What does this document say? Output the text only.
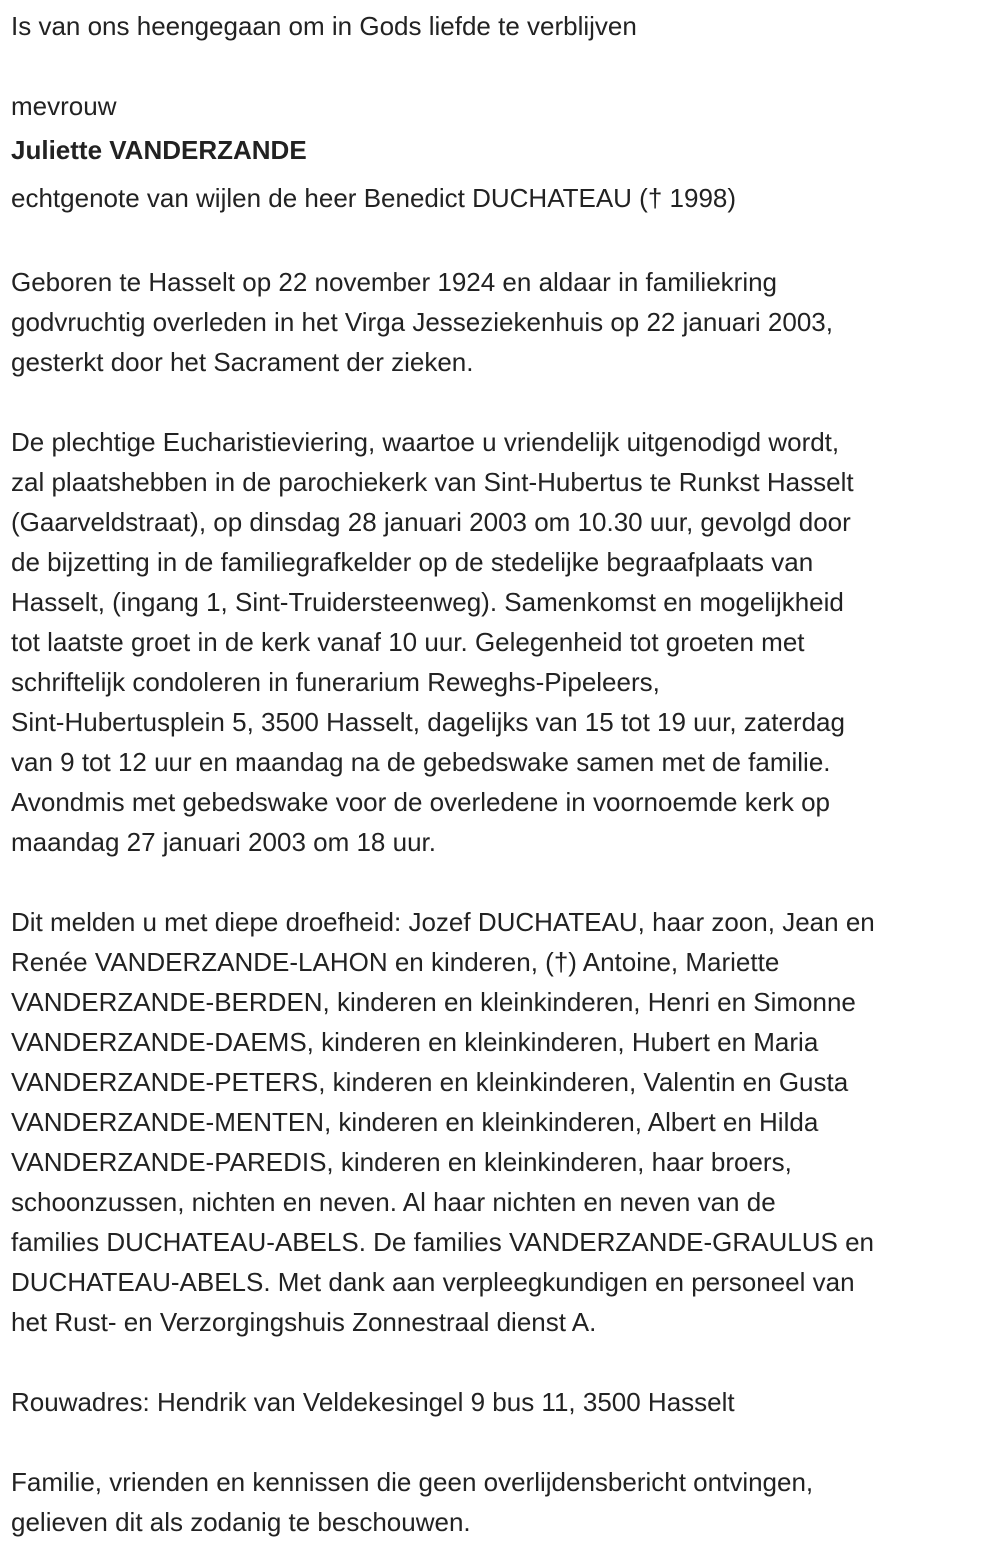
Is van ons heengegaan om in Gods liefde te verblijven
mevrouw
Juliette VANDERZANDE
echtgenote van wijlen de heer Benedict DUCHATEAU († 1998)
Geboren te Hasselt op 22 november 1924 en aldaar in familiekring
godvruchtig overleden in het Virga Jesseziekenhuis op 22 januari 2003,
gesterkt door het Sacrament der zieken.
De plechtige Eucharistieviering, waartoe u vriendelijk uitgenodigd wordt,
zal plaatshebben in de parochiekerk van Sint-Hubertus te Runkst Hasselt
(Gaarveldstraat), op dinsdag 28 januari 2003 om 10.30 uur, gevolgd door
de bijzetting in de familiegrafkelder op de stedelijke begraafplaats van
Hasselt, (ingang 1, Sint-Truidersteenweg). Samenkomst en mogelijkheid
tot laatste groet in de kerk vanaf 10 uur. Gelegenheid tot groeten met
schriftelijk condoleren in funerarium Reweghs-Pipeleers,
Sint-Hubertusplein 5, 3500 Hasselt, dagelijks van 15 tot 19 uur, zaterdag
van 9 tot 12 uur en maandag na de gebedswake samen met de familie.
Avondmis met gebedswake voor de overledene in voornoemde kerk op
maandag 27 januari 2003 om 18 uur.
Dit melden u met diepe droefheid: Jozef DUCHATEAU, haar zoon, Jean en
Renée VANDERZANDE-LAHON en kinderen, (†) Antoine, Mariette
VANDERZANDE-BERDEN, kinderen en kleinkinderen, Henri en Simonne
VANDERZANDE-DAEMS, kinderen en kleinkinderen, Hubert en Maria
VANDERZANDE-PETERS, kinderen en kleinkinderen, Valentin en Gusta
VANDERZANDE-MENTEN, kinderen en kleinkinderen, Albert en Hilda
VANDERZANDE-PAREDIS, kinderen en kleinkinderen, haar broers,
schoonzussen, nichten en neven. Al haar nichten en neven van de
families DUCHATEAU-ABELS. De families VANDERZANDE-GRAULUS en
DUCHATEAU-ABELS. Met dank aan verpleegkundigen en personeel van
het Rust- en Verzorgingshuis Zonnestraal dienst A.
Rouwadres: Hendrik van Veldekesingel 9 bus 11, 3500 Hasselt
Familie, vrienden en kennissen die geen overlijdensbericht ontvingen,
gelieven dit als zodanig te beschouwen.
